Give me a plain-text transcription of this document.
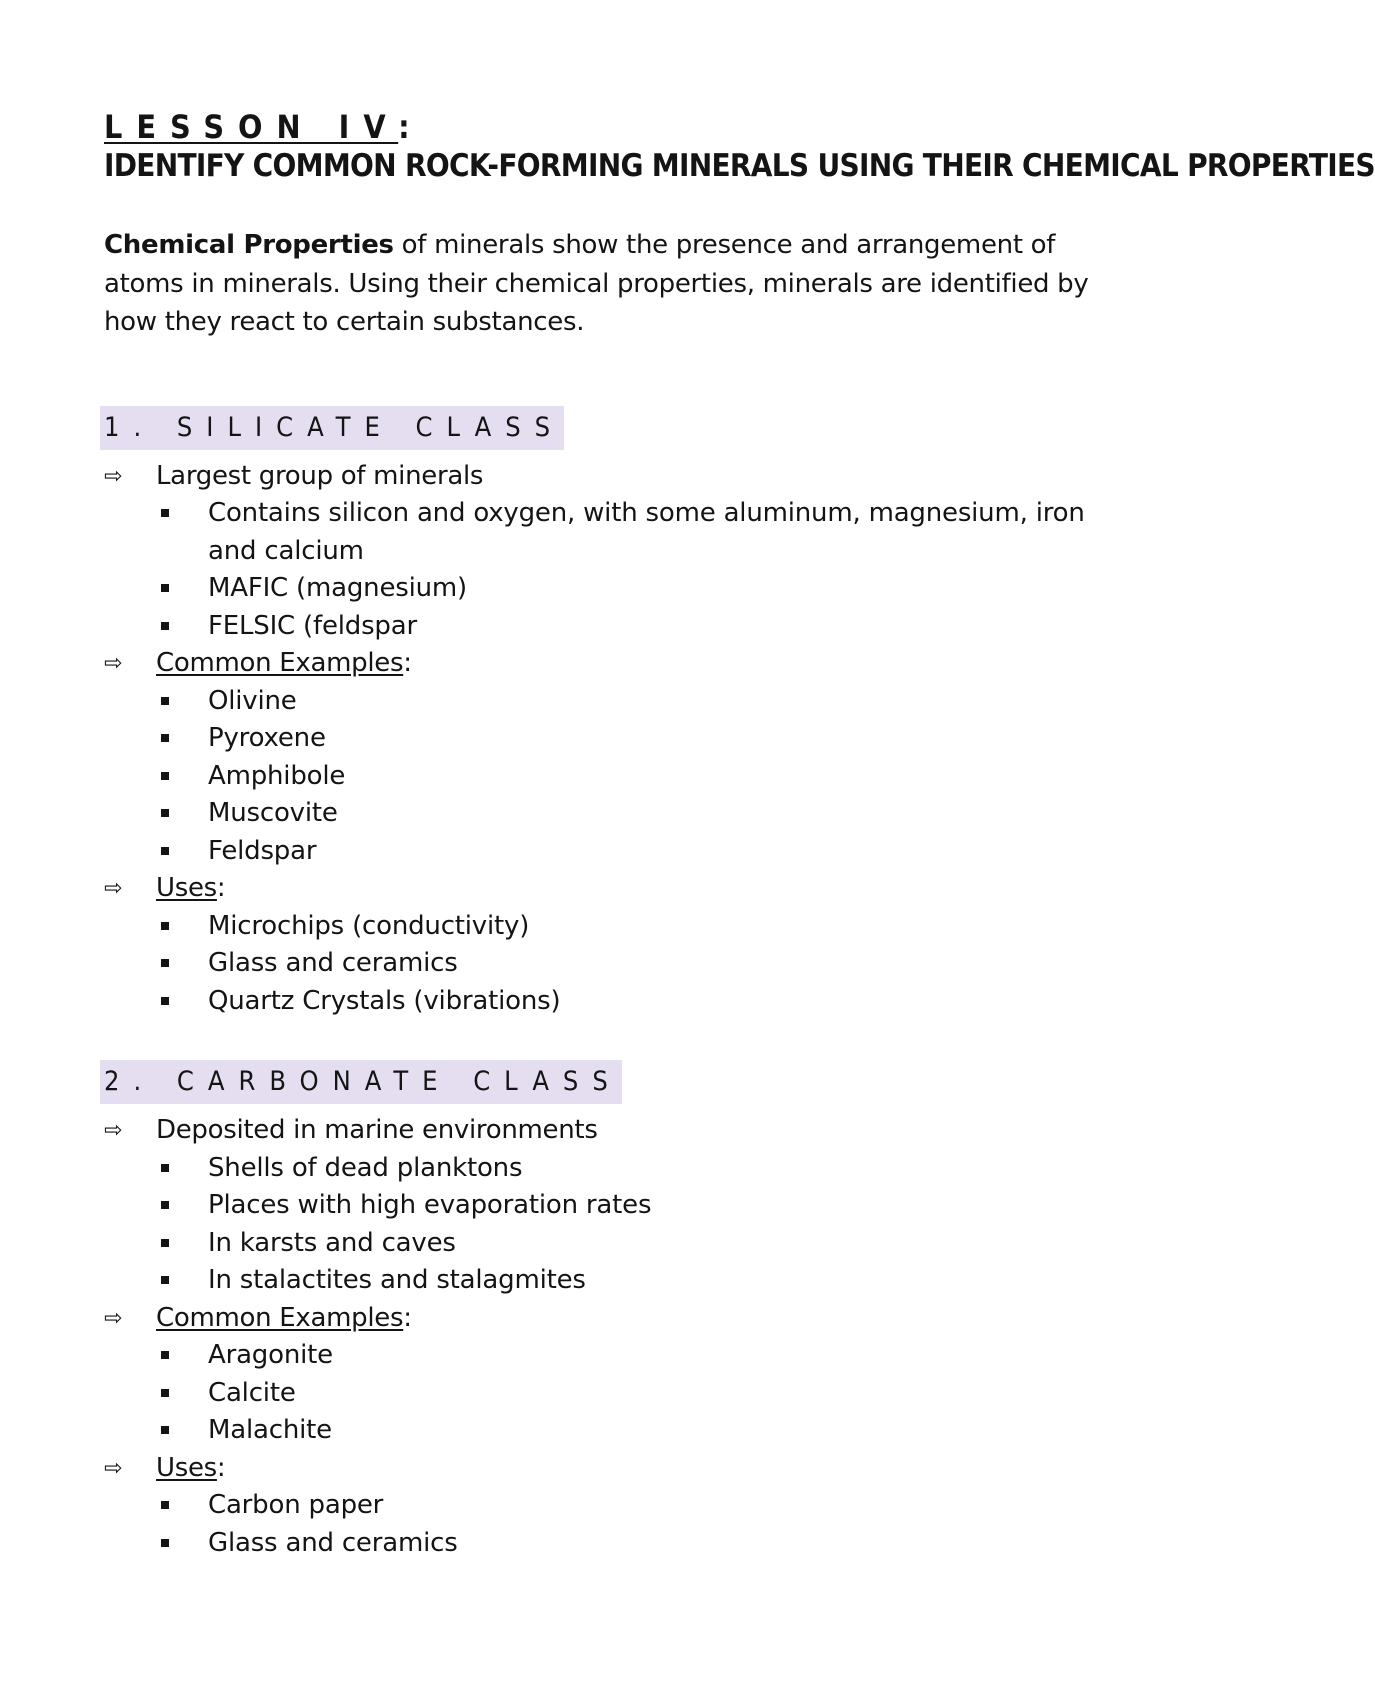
LESSON IV:
IDENTIFY COMMON ROCK-FORMING MINERALS USING THEIR CHEMICAL PROPERTIES

Chemical Properties of minerals show the presence and arrangement of atoms in minerals. Using their chemical properties, minerals are identified by how they react to certain substances.

1. SILICATE CLASS
⇨ Largest group of minerals
Contains silicon and oxygen, with some aluminum, magnesium, iron and calcium
MAFIC (magnesium)
FELSIC (feldspar
⇨ Common Examples:
Olivine
Pyroxene
Amphibole
Muscovite
Feldspar
⇨ Uses:
Microchips (conductivity)
Glass and ceramics
Quartz Crystals (vibrations)
2. CARBONATE CLASS
⇨ Deposited in marine environments
Shells of dead planktons
Places with high evaporation rates
In karsts and caves
In stalactites and stalagmites
⇨ Common Examples:
Aragonite
Calcite
Malachite
⇨ Uses:
Carbon paper
Glass and ceramics
